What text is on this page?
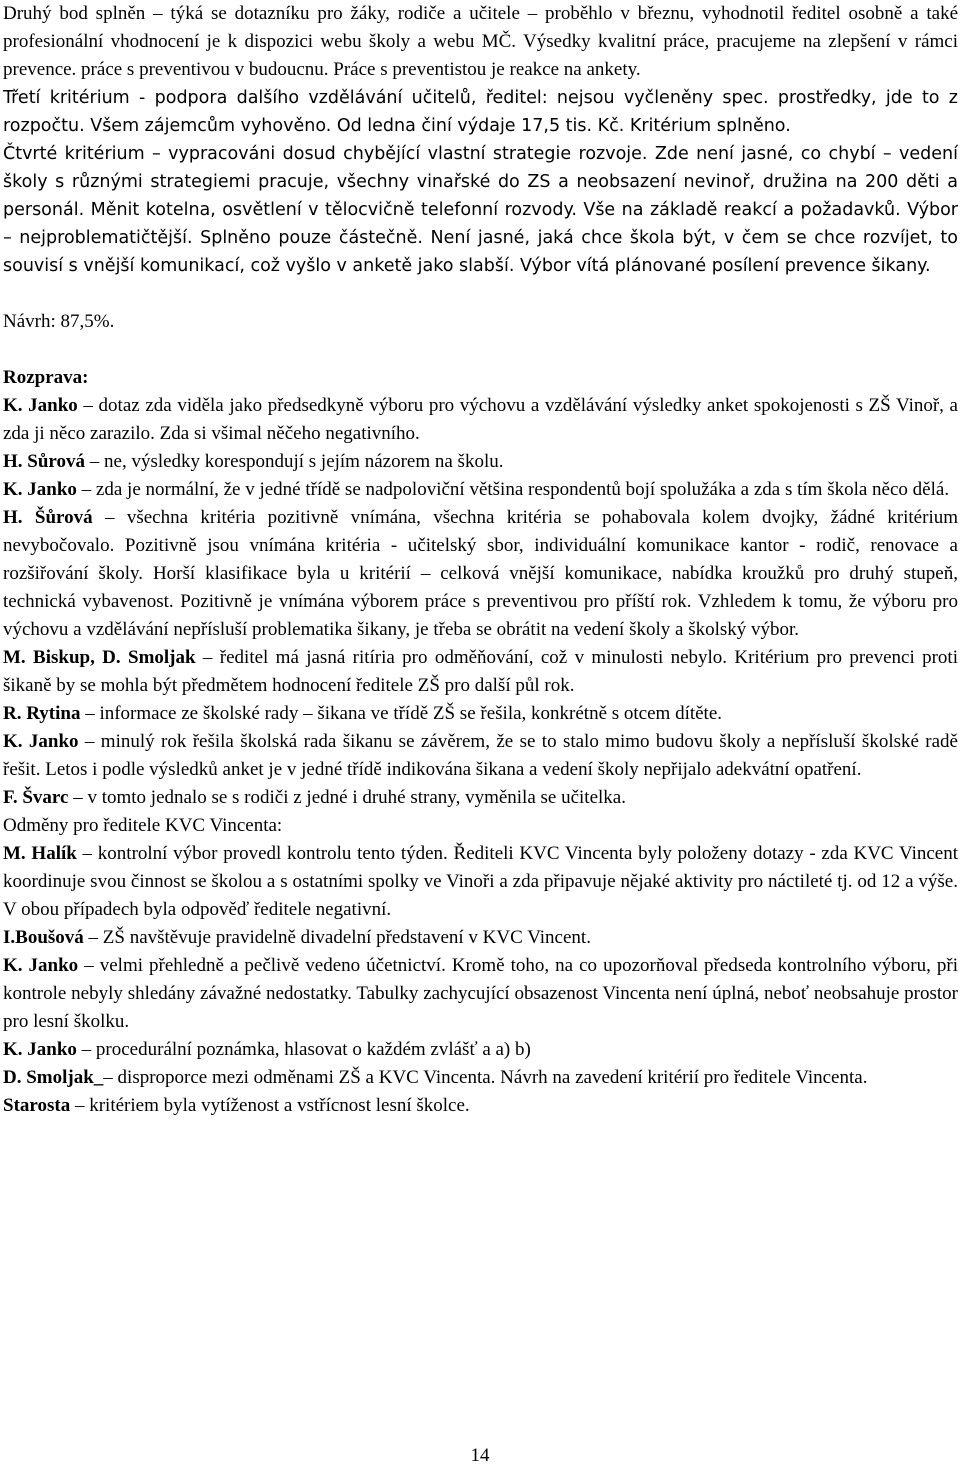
Druhý bod splněn – týká se dotazníku pro žáky, rodiče a učitele – proběhlo v březnu, vyhodnotil ředitel osobně a také profesionální vhodnocení je k dispozici webu školy a webu MČ. Výsedky kvalitní práce, pracujeme na zlepšení v rámci prevence. práce s preventivou v budoucnu. Práce s preventistou je reakce na ankety.

Třetí kritérium - podpora dalšího vzdělávání učitelů, ředitel: nejsou vyčleněny spec. prostředky, jde to z rozpočtu. Všem zájemcům vyhověno. Od ledna činí výdaje 17,5 tis. Kč. Kritérium splněno.

Čtvrté kritérium – vypracováni dosud chybějící vlastní strategie rozvoje. Zde není jasné, co chybí – vedení školy s různými strategiemi pracuje, všechny vinařské do ZS a neobsazení nevinoř, družina na 200 děti a personál. Měnit kotelna, osvětlení v tělocvičně telefonní rozvody. Vše na základě reakcí a požadavků. Výbor – nejproblematičtější. Splněno pouze částečně. Není jasné, jaká chce škola být, v čem se chce rozvíjet, to souvisí s vnější komunikací, což vyšlo v anketě jako slabší. Výbor vítá plánované posílení prevence šikany.

Návrh: 87,5%.

Rozprava:

K. Janko – dotaz zda viděla jako předsedkyně výboru pro výchovu a vzdělávání výsledky anket spokojenosti s ZŠ Vinoř, a zda ji něco zarazilo. Zda si všimal něčeho negativního.

H. Sůrová – ne, výsledky korespondují s jejím názorem na školu.

K. Janko – zda je normální, že v jedné třídě se nadpoloviční většina respondentů bojí spolužáka a zda s tím škola něco dělá.

H. Šůrová – všechna kritéria pozitivně vnímána, všechna kritéria se pohabovala kolem dvojky, žádné kritérium nevybočovalo. Pozitivně jsou vnímána kritéria - učitelský sbor, individuální komunikace kantor - rodič, renovace a rozšiřování školy. Horší klasifikace byla u kritérií – celková vnější komunikace, nabídka kroužků pro druhý stupeň, technická vybavenost. Pozitivně je vnímána výborem práce s preventivou pro příští rok. Vzhledem k tomu, že výboru pro výchovu a vzdělávání nepřísluší problematika šikany, je třeba se obrátit na vedení školy a školský výbor.

M. Biskup, D. Smoljak – ředitel má jasná ritíria pro odměňování, což v minulosti nebylo. Kritérium pro prevenci proti šikaně by se mohla být předmětem hodnocení ředitele ZŠ pro další půl rok.

R. Rytina – informace ze školské rady – šikana ve třídě ZŠ se řešila, konkrétně s otcem dítěte.

K. Janko – minulý rok řešila školská rada šikanu se závěrem, že se to stalo mimo budovu školy a nepřísluší školské radě řešit. Letos i podle výsledků anket je v jedné třídě indikována šikana a vedení školy nepřijalo adekvátní opatření.

F. Švarc – v tomto jednalo se s rodiči z jedné i druhé strany, vyměnila se učitelka.

Odměny pro ředitele KVC Vincenta:

M. Halík – kontrolní výbor provedl kontrolu tento týden. Řediteli KVC Vincenta byly položeny dotazy - zda KVC Vincent koordinuje svou činnost se školou a s ostatními spolky ve Vinoři a zda připavuje nějaké aktivity pro náctileté tj. od 12 a výše. V obou případech byla odpověď ředitele negativní.

I.Boušová – ZŠ navštěvuje pravidelně divadelní představení v KVC Vincent.

K. Janko – velmi přehledně a pečlivě vedeno účetnictví. Kromě toho, na co upozorňoval předseda kontrolního výboru, při kontrole nebyly shledány závažné nedostatky. Tabulky zachycující obsazenost Vincenta není úplná, neboť neobsahuje prostor pro lesní školku.

K. Janko – procedurální poznámka, hlasovat o každém zvlášť a a) b)

D. Smoljak_– disproporce mezi odměnami ZŠ a KVC Vincenta. Návrh na zavedení kritérií pro ředitele Vincenta.

Starosta – kritériem byla vytíženost a vstřícnost lesní školce.

14
